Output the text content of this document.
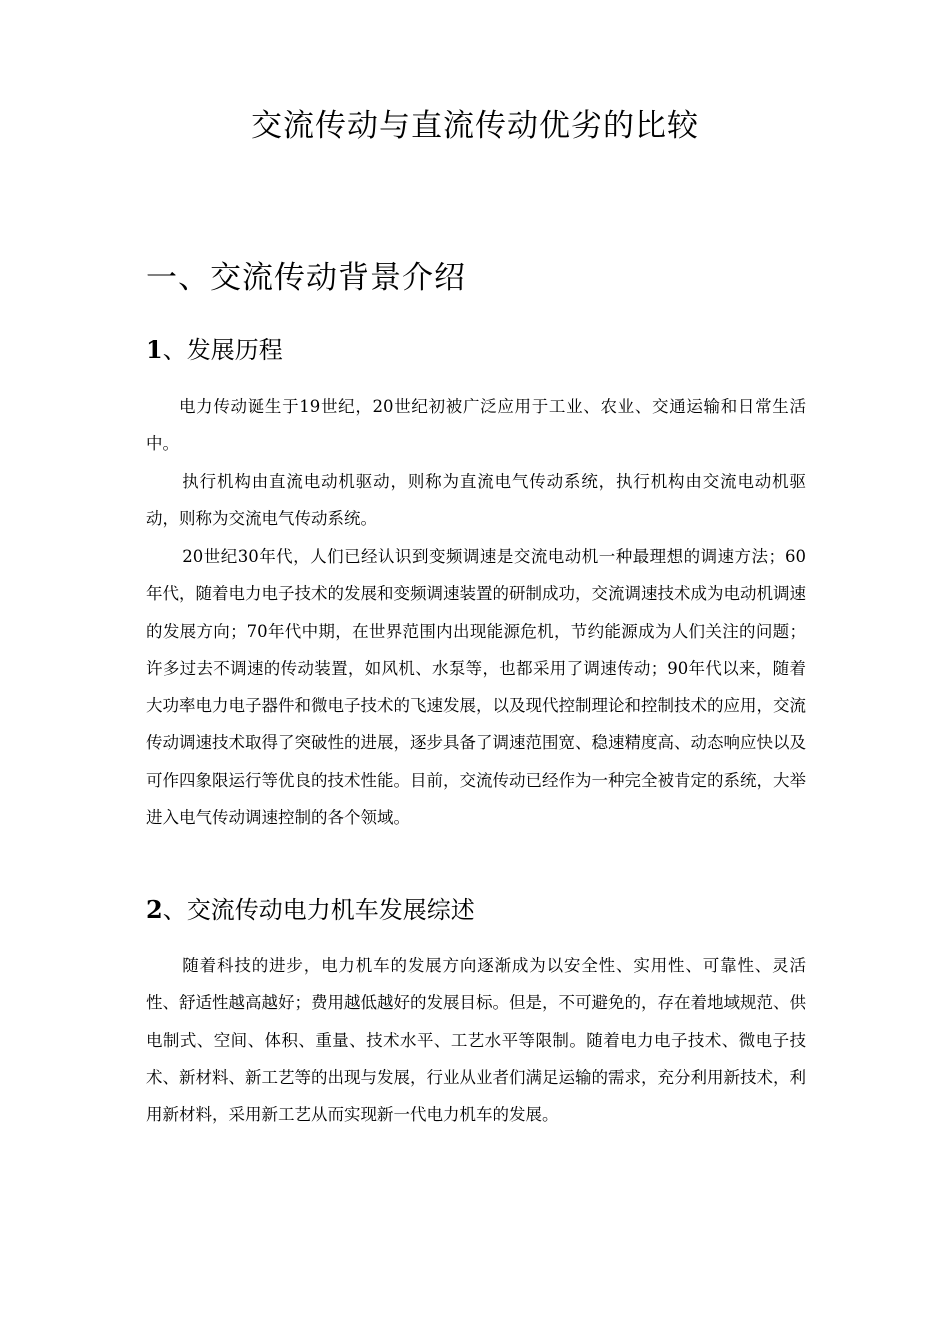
交流传动与直流传动优劣的比较
一、交流传动背景介绍
1、发展历程

电力传动诞生于19世纪，20世纪初被广泛应用于工业、农业、交通运输和日常生活中。

执行机构由直流电动机驱动，则称为直流电气传动系统，执行机构由交流电动机驱动，则称为交流电气传动系统。

20世纪30年代，人们已经认识到变频调速是交流电动机一种最理想的调速方法；60年代，随着电力电子技术的发展和变频调速装置的研制成功，交流调速技术成为电动机调速的发展方向；70年代中期，在世界范围内出现能源危机，节约能源成为人们关注的问题；许多过去不调速的传动装置，如风机、水泵等，也都采用了调速传动；90年代以来，随着大功率电力电子器件和微电子技术的飞速发展，以及现代控制理论和控制技术的应用，交流传动调速技术取得了突破性的进展，逐步具备了调速范围宽、稳速精度高、动态响应快以及可作四象限运行等优良的技术性能。目前，交流传动已经作为一种完全被肯定的系统，大举进入电气传动调速控制的各个领域。

2、交流传动电力机车发展综述

随着科技的进步，电力机车的发展方向逐渐成为以安全性、实用性、可靠性、灵活性、舒适性越高越好；费用越低越好的发展目标。但是，不可避免的，存在着地域规范、供电制式、空间、体积、重量、技术水平、工艺水平等限制。随着电力电子技术、微电子技术、新材料、新工艺等的出现与发展，行业从业者们满足运输的需求，充分利用新技术，利用新材料，采用新工艺从而实现新一代电力机车的发展。
